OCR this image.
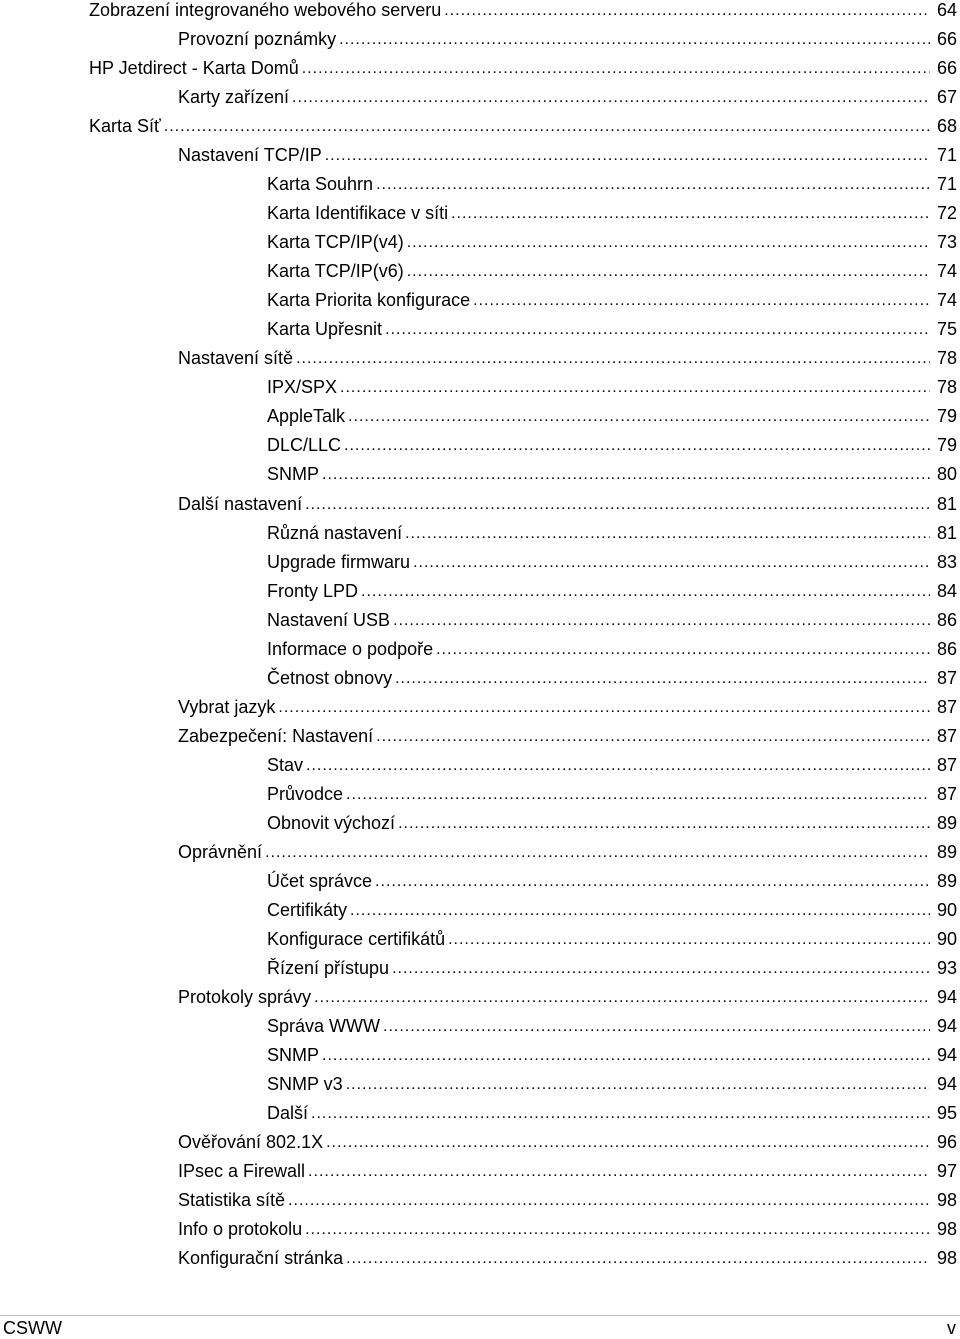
Zobrazení integrovaného webového serveru .....	64
Provozní poznámky .....	66
HP Jetdirect - Karta Domů .....	66
Karty zařízení .....	67
Karta Síť .....	68
Nastavení TCP/IP .....	71
Karta Souhrn .....	71
Karta Identifikace v síti .....	72
Karta TCP/IP(v4) .....	73
Karta TCP/IP(v6) .....	74
Karta Priorita konfigurace .....	74
Karta Upřesnit .....	75
Nastavení sítě .....	78
IPX/SPX .....	78
AppleTalk .....	79
DLC/LLC .....	79
SNMP .....	80
Další nastavení .....	81
Různá nastavení .....	81
Upgrade firmwaru .....	83
Fronty LPD .....	84
Nastavení USB .....	86
Informace o podpoře .....	86
Četnost obnovy .....	87
Vybrat jazyk .....	87
Zabezpečení: Nastavení .....	87
Stav .....	87
Průvodce .....	87
Obnovit výchozí .....	89
Oprávnění .....	89
Účet správce .....	89
Certifikáty .....	90
Konfigurace certifikátů .....	90
Řízení přístupu .....	93
Protokoly správy .....	94
Správa WWW .....	94
SNMP .....	94
SNMP v3 .....	94
Další .....	95
Ověřování 802.1X .....	96
IPsec a Firewall .....	97
Statistika sítě .....	98
Info o protokolu .....	98
Konfigurační stránka .....	98
CSWW	v
